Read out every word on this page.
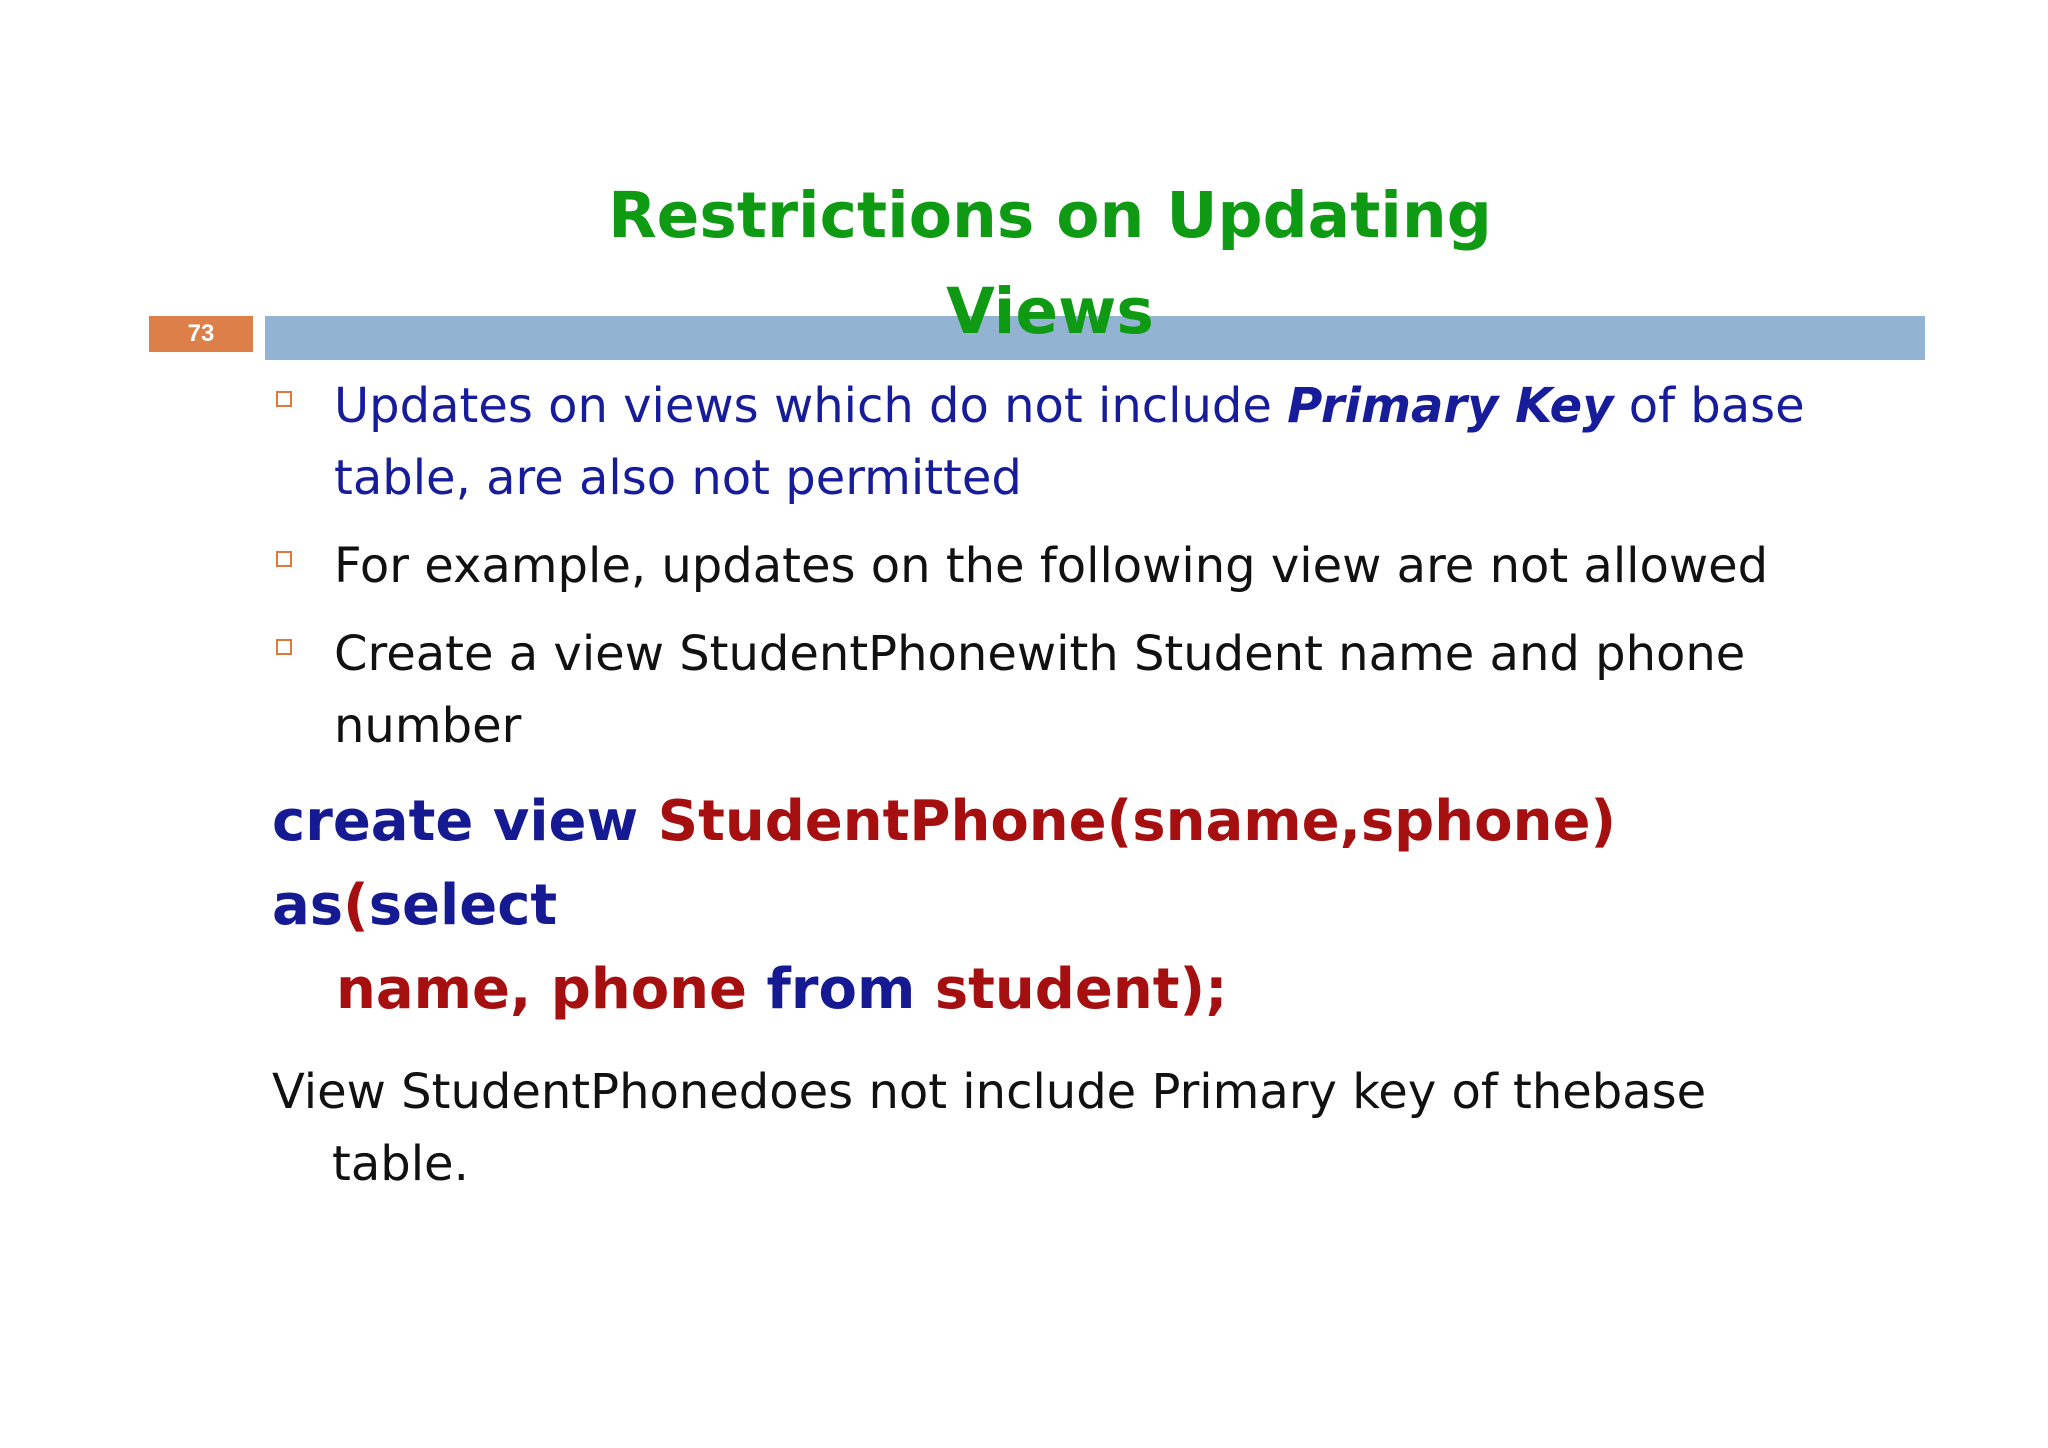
73
Restrictions on Updating
Views
Updates on views which do not include Primary Key of base
table, are also not permitted
For example, updates on the following view are not allowed
Create a view StudentPhonewith Student name and phone
number

create view StudentPhone(sname,sphone) as(select
name, phone from student);

View StudentPhonedoes not include Primary key of thebase
table.
